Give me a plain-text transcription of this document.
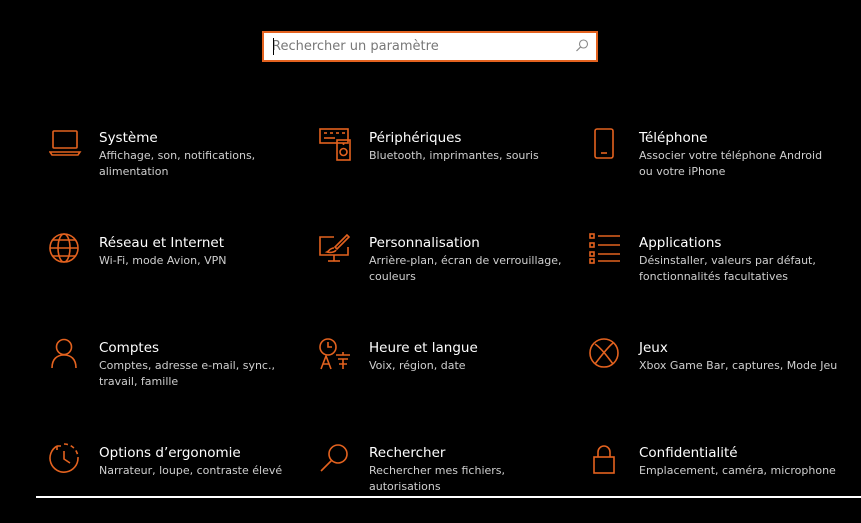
Rechercher un paramètre
Système
Affichage, son, notifications, alimentation
Périphériques
Bluetooth, imprimantes, souris
Téléphone
Associer votre téléphone Android ou votre iPhone
Réseau et Internet
Wi-Fi, mode Avion, VPN
Personnalisation
Arrière-plan, écran de verrouillage, couleurs
Applications
Désinstaller, valeurs par défaut, fonctionnalités facultatives
Comptes
Comptes, adresse e-mail, sync., travail, famille
Heure et langue
Voix, région, date
Jeux
Xbox Game Bar, captures, Mode Jeu
Options d’ergonomie
Narrateur, loupe, contraste élevé
Rechercher
Rechercher mes fichiers, autorisations
Confidentialité
Emplacement, caméra, microphone
